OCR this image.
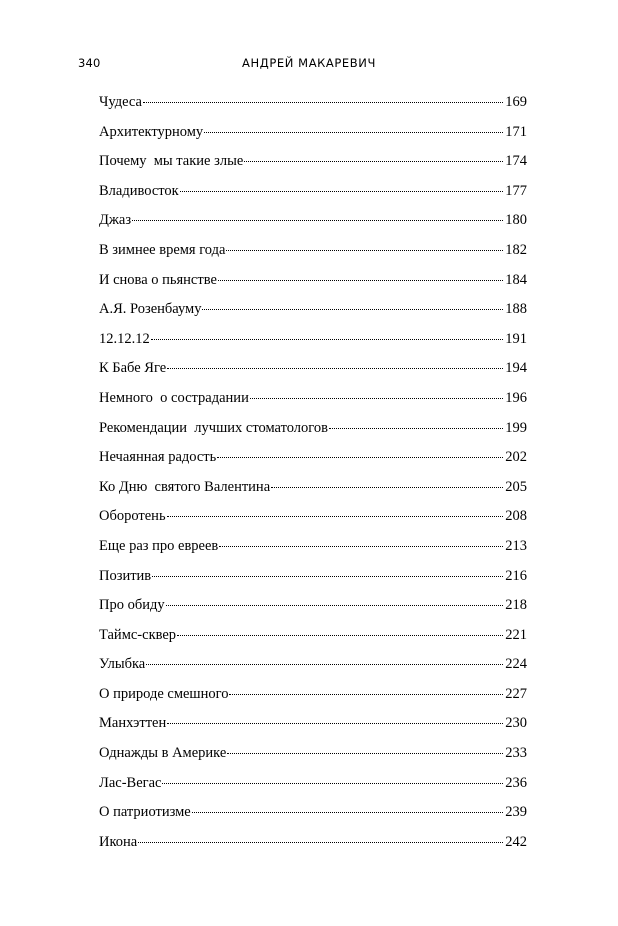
340	АНДРЕЙ МАКАРЕВИЧ
Чудеса	169
Архитектурному	171
Почему  мы такие злые	174
Владивосток	177
Джаз	180
В зимнее время года	182
И снова о пьянстве	184
А.Я. Розенбауму	188
12.12.12	191
К Бабе Яге	194
Немного  о сострадании	196
Рекомендации  лучших стоматологов	199
Нечаянная радость	202
Ко Дню  святого Валентина	205
Оборотень	208
Еще раз про евреев	213
Позитив	216
Про обиду	218
Таймс-сквер	221
Улыбка	224
О природе смешного	227
Манхэттен	230
Однажды в Америке	233
Лас-Вегас	236
О патриотизме	239
Икона	242
